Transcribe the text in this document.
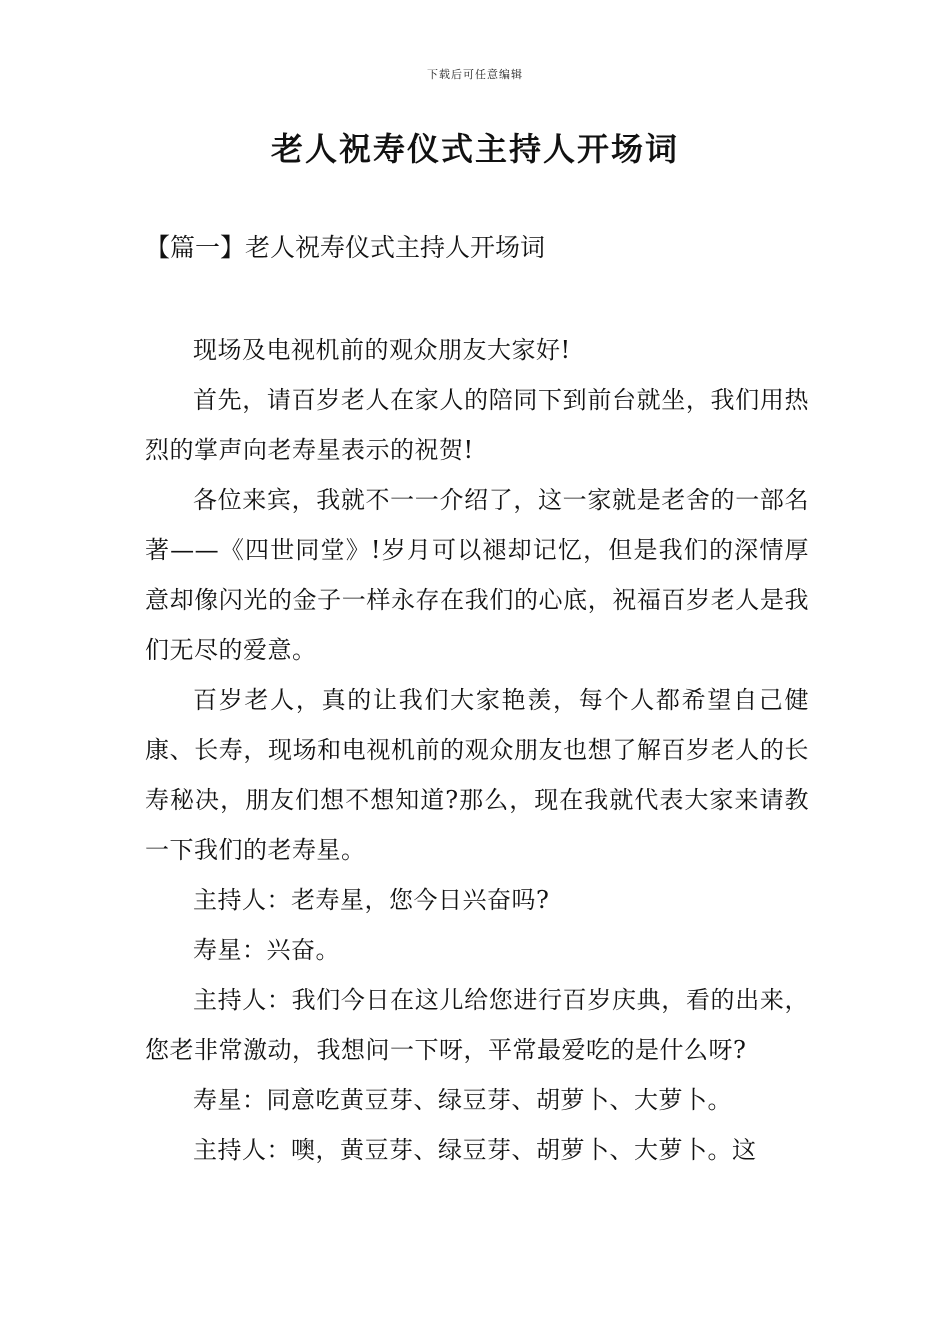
下载后可任意编辑
老人祝寿仪式主持人开场词
【篇一】老人祝寿仪式主持人开场词

现场及电视机前的观众朋友大家好!

首先，请百岁老人在家人的陪同下到前台就坐，我们用热烈的掌声向老寿星表示的祝贺!

各位来宾，我就不一一介绍了，这一家就是老舍的一部名著——《四世同堂》!岁月可以褪却记忆，但是我们的深情厚意却像闪光的金子一样永存在我们的心底，祝福百岁老人是我们无尽的爱意。

百岁老人，真的让我们大家艳羡，每个人都希望自己健康、长寿，现场和电视机前的观众朋友也想了解百岁老人的长寿秘决，朋友们想不想知道?那么，现在我就代表大家来请教一下我们的老寿星。

主持人：老寿星，您今日兴奋吗?

寿星：兴奋。

主持人：我们今日在这儿给您进行百岁庆典，看的出来，您老非常激动，我想问一下呀，平常最爱吃的是什么呀?

寿星：同意吃黄豆芽、绿豆芽、胡萝卜、大萝卜。

主持人：噢，黄豆芽、绿豆芽、胡萝卜、大萝卜。这
